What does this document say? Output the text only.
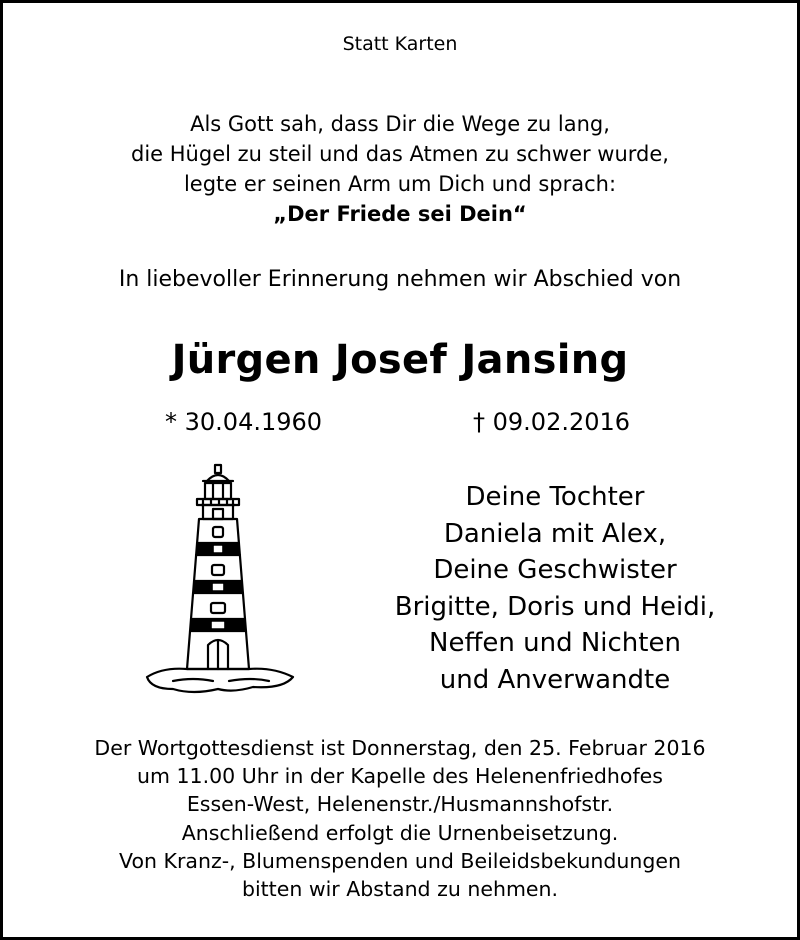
Statt Karten
Als Gott sah, dass Dir die Wege zu lang,
die Hügel zu steil und das Atmen zu schwer wurde,
legte er seinen Arm um Dich und sprach:
„Der Friede sei Dein“
In liebevoller Erinnerung nehmen wir Abschied von
Jürgen Josef Jansing
* 30.04.1960	† 09.02.2016
Deine Tochter
Daniela mit Alex,
Deine Geschwister
Brigitte, Doris und Heidi,
Neffen und Nichten
und Anverwandte
Der Wortgottesdienst ist Donnerstag, den 25. Februar 2016
um 11.00 Uhr in der Kapelle des Helenenfriedhofes
Essen-West, Helenenstr./Husmannshofstr.
Anschließend erfolgt die Urnenbeisetzung.
Von Kranz-, Blumenspenden und Beileidsbekundungen
bitten wir Abstand zu nehmen.
